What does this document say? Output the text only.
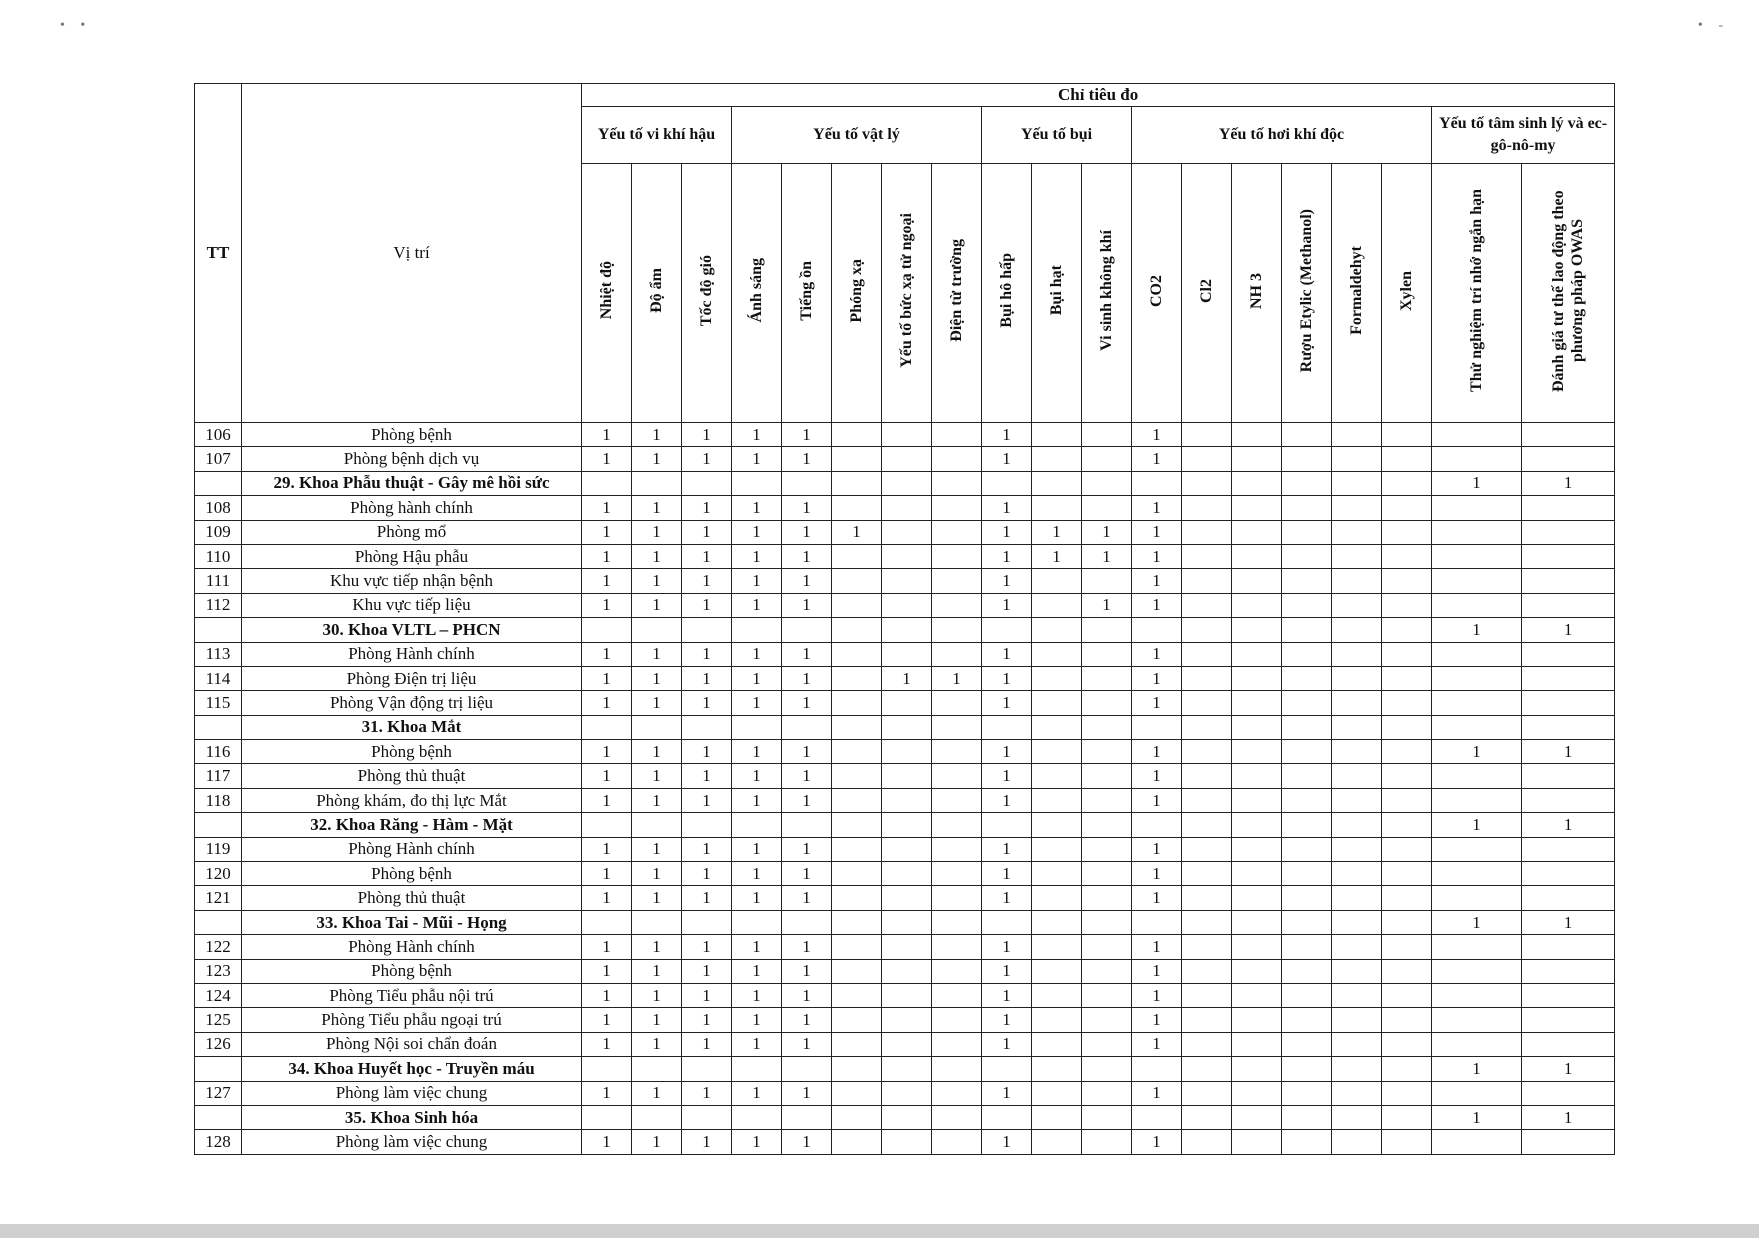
• •	• -
TT	Vị trí	Chỉ tiêu đo																		
		Yếu tố vi khí hậu			Yếu tố vật lý					Yếu tố bụi			Yếu tố hơi khí độc						Yếu tố tâm sinh lý và ec-gô-nô-my	
		Nhiệt độ	Độ ẩm	Tốc độ gió	Ánh sáng	Tiếng ồn	Phóng xạ	Yếu tố bức xạ tử ngoại	Điện từ trường	Bụi hô hấp	Bụi hạt	Vi sinh không khí	CO2	Cl2	NH 3	Rượu Etylic (Methanol)	Formaldehyt	Xylen	Thử nghiệm trí nhớ ngắn hạn	Đánh giá tư thế lao động theo phương pháp OWAS
106	Phòng bệnh	1	1	1	1	1				1			1							
107	Phòng bệnh dịch vụ	1	1	1	1	1				1			1							
	29. Khoa Phẫu thuật - Gây mê hồi sức																		1	1
108	Phòng hành chính	1	1	1	1	1				1			1							
109	Phòng mổ	1	1	1	1	1	1			1	1	1	1							
110	Phòng Hậu phẫu	1	1	1	1	1				1	1	1	1							
111	Khu vực tiếp nhận bệnh	1	1	1	1	1				1			1							
112	Khu vực tiếp liệu	1	1	1	1	1				1		1	1							
	30. Khoa VLTL – PHCN																		1	1
113	Phòng Hành chính	1	1	1	1	1				1			1							
114	Phòng Điện trị liệu	1	1	1	1	1		1	1	1			1							
115	Phòng Vận động trị liệu	1	1	1	1	1				1			1							
	31. Khoa Mắt																			
116	Phòng bệnh	1	1	1	1	1				1			1						1	1
117	Phòng thủ thuật	1	1	1	1	1				1			1							
118	Phòng khám, đo thị lực Mắt	1	1	1	1	1				1			1							
	32. Khoa Răng - Hàm - Mặt																		1	1
119	Phòng Hành chính	1	1	1	1	1				1			1							
120	Phòng bệnh	1	1	1	1	1				1			1							
121	Phòng thủ thuật	1	1	1	1	1				1			1							
	33. Khoa Tai - Mũi - Họng																		1	1
122	Phòng Hành chính	1	1	1	1	1				1			1							
123	Phòng bệnh	1	1	1	1	1				1			1							
124	Phòng Tiểu phẫu nội trú	1	1	1	1	1				1			1							
125	Phòng Tiểu phẫu ngoại trú	1	1	1	1	1				1			1							
126	Phòng Nội soi chẩn đoán	1	1	1	1	1				1			1							
	34. Khoa Huyết học - Truyền máu																		1	1
127	Phòng làm việc chung	1	1	1	1	1				1			1							
	35. Khoa Sinh hóa																		1	1
128	Phòng làm việc chung	1	1	1	1	1				1			1							
